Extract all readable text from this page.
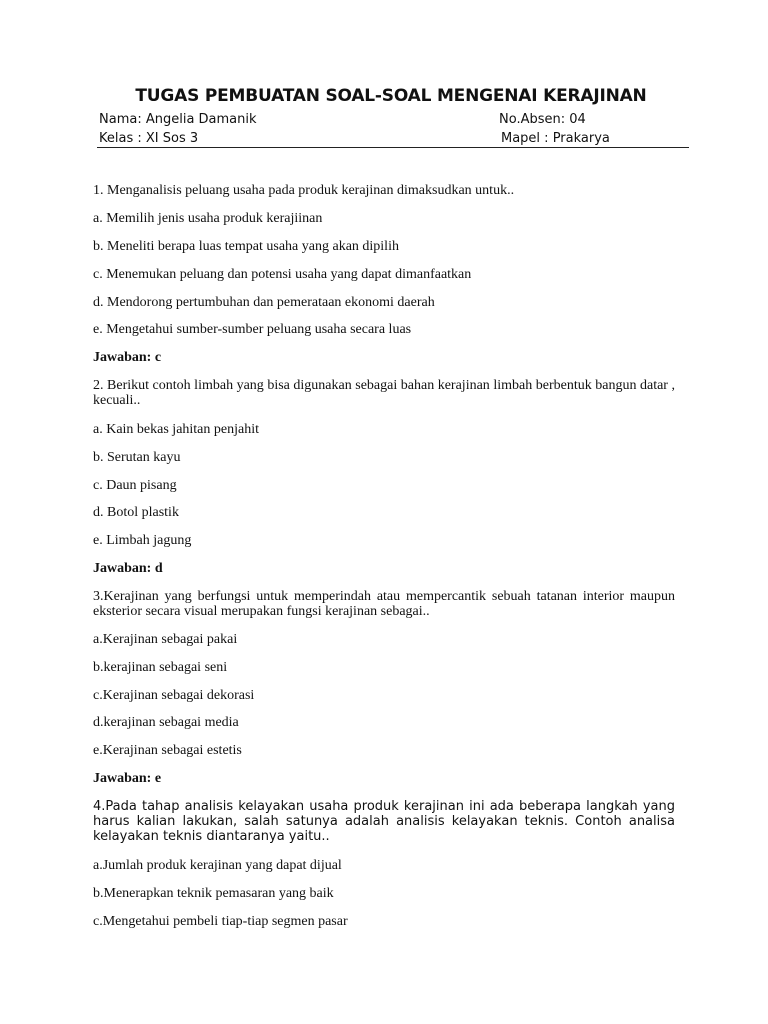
TUGAS PEMBUATAN SOAL-SOAL MENGENAI KERAJINAN
Nama: Angelia Damanik	No.Absen: 04
Kelas : XI Sos 3	Mapel : Prakarya

1. Menganalisis peluang usaha pada produk kerajinan dimaksudkan untuk..

a. Memilih jenis usaha produk kerajiinan

b. Meneliti berapa luas tempat usaha yang akan dipilih

c. Menemukan peluang dan potensi usaha yang dapat dimanfaatkan

d. Mendorong pertumbuhan dan pemerataan ekonomi daerah

e. Mengetahui sumber-sumber peluang usaha secara luas

Jawaban: c

2. Berikut contoh limbah yang bisa digunakan sebagai bahan kerajinan limbah berbentuk bangun datar , kecuali..

a. Kain bekas jahitan penjahit

b. Serutan kayu

c. Daun pisang

d. Botol plastik

e. Limbah jagung

Jawaban: d

3.Kerajinan yang berfungsi untuk memperindah atau mempercantik sebuah tatanan interior maupun eksterior secara visual merupakan fungsi kerajinan sebagai..

a.Kerajinan sebagai pakai

b.kerajinan sebagai seni

c.Kerajinan sebagai dekorasi

d.kerajinan sebagai media

e.Kerajinan sebagai estetis

Jawaban: e

4.Pada tahap analisis kelayakan usaha produk kerajinan ini ada beberapa langkah yang harus kalian lakukan, salah satunya adalah analisis kelayakan teknis. Contoh analisa kelayakan teknis diantaranya yaitu..

a.Jumlah produk kerajinan yang dapat dijual

b.Menerapkan teknik pemasaran yang baik

c.Mengetahui pembeli tiap-tiap segmen pasar
